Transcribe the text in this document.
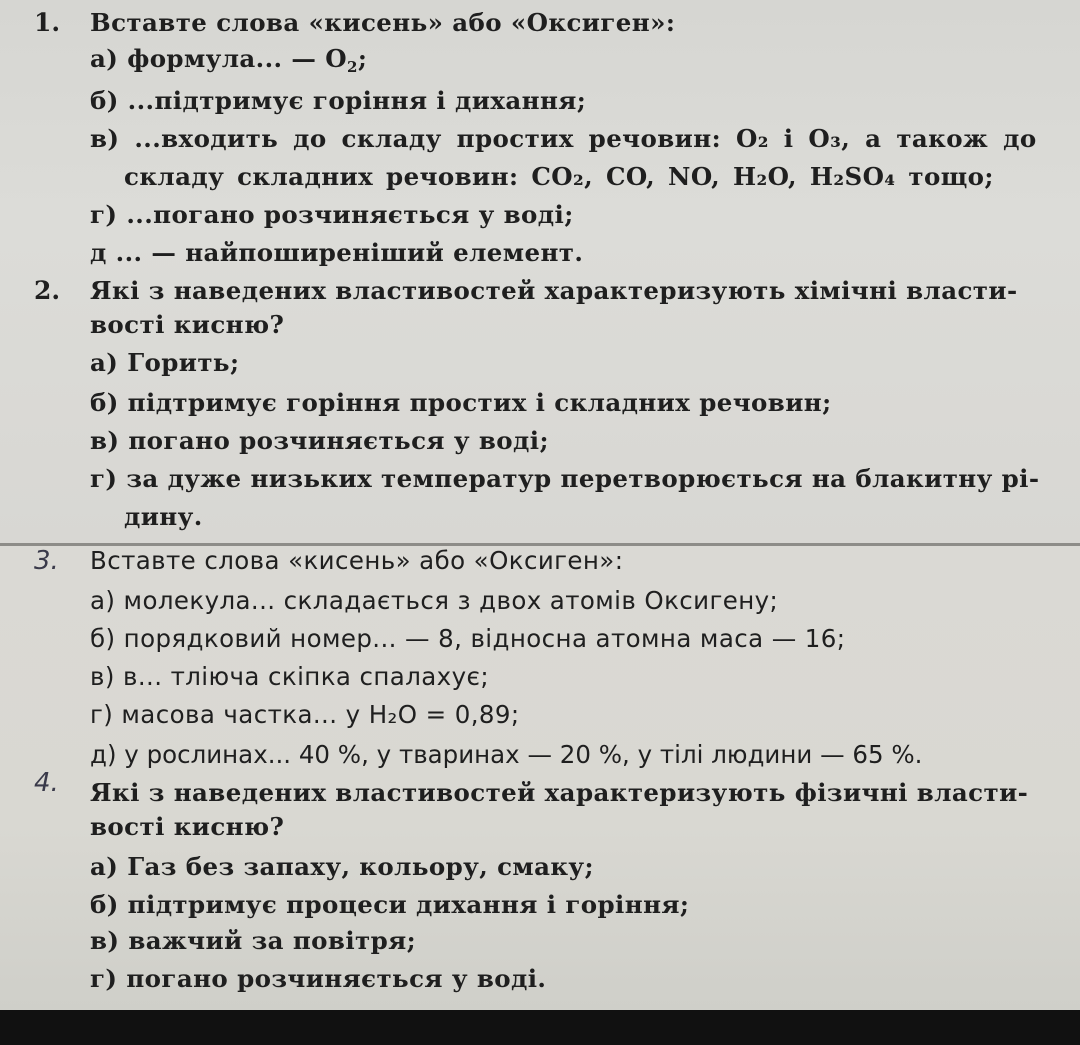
1. Вставте слова «кисень» або «Оксиген»:
а) формула... — $O_2$;
б) ...підтримує горіння і дихання;
в) ...входить до складу простих речовин: O₂ і O₃, а також до
складу складних речовин: CO₂, CO, NO, H₂O, H₂SO₄ тощо;
г) ...погано розчиняється у воді;
д ... — найпоширеніший елемент.
2. Які з наведених властивостей характеризують хімічні власти-
вості кисню?
а) Горить;
б) підтримує горіння простих і складних речовин;
в) погано розчиняється у воді;
г) за дуже низьких температур перетворюється на блакитну рі-
дину.
3. Вставте слова «кисень» або «Оксиген»:
а) молекула... складається з двох атомів Оксигену;
б) порядковий номер... — 8, відносна атомна маса — 16;
в) в... тліюча скіпка спалахує;
г) масова частка... у H₂O = 0,89;
д) у рослинах... 40 %, у тваринах — 20 %, у тілі людини — 65 %.
4. Які з наведених властивостей характеризують фізичні власти-
вості кисню?
а) Газ без запаху, кольору, смаку;
б) підтримує процеси дихання і горіння;
в) важчий за повітря;
г) погано розчиняється у воді.
